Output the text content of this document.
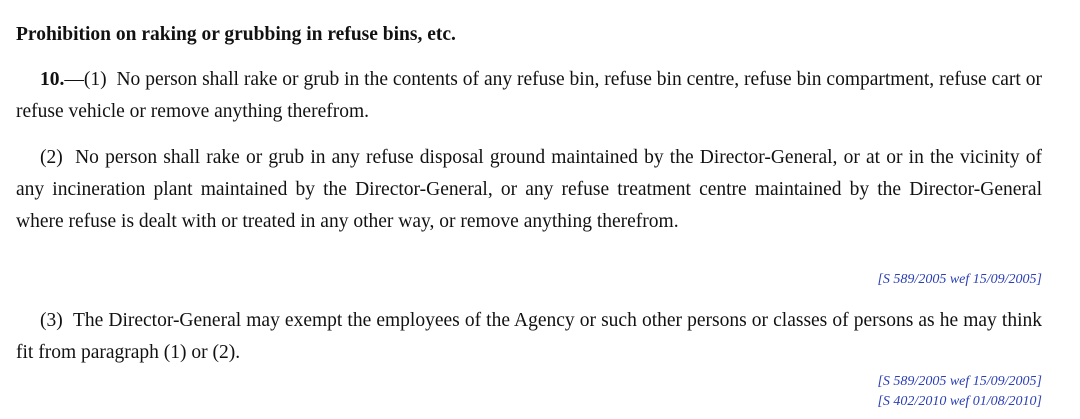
Prohibition on raking or grubbing in refuse bins, etc.
10.—(1) No person shall rake or grub in the contents of any refuse bin, refuse bin centre, refuse bin compartment, refuse cart or refuse vehicle or remove anything therefrom.
(2) No person shall rake or grub in any refuse disposal ground maintained by the Director-General, or at or in the vicinity of any incineration plant maintained by the Director-General, or any refuse treatment centre maintained by the Director-General where refuse is dealt with or treated in any other way, or remove anything therefrom.
[S 589/2005 wef 15/09/2005]
(3) The Director-General may exempt the employees of the Agency or such other persons or classes of persons as he may think fit from paragraph (1) or (2).
[S 589/2005 wef 15/09/2005]
[S 402/2010 wef 01/08/2010]
